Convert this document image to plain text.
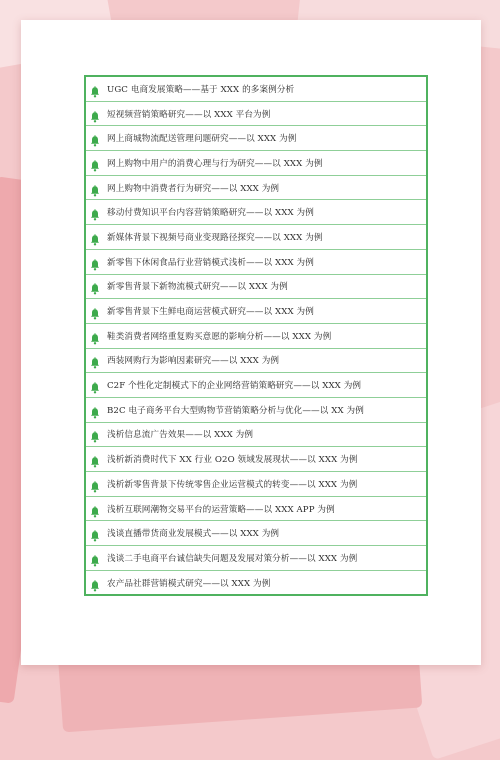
UGC 电商发展策略——基于 XXX 的多案例分析
短视频营销策略研究——以 XXX 平台为例
网上商城物流配送管理问题研究——以 XXX 为例
网上购物中用户的消费心理与行为研究——以 XXX 为例
网上购物中消费者行为研究——以 XXX 为例
移动付费知识平台内容营销策略研究——以 XXX 为例
新媒体背景下视频号商业变现路径探究——以 XXX 为例
新零售下休闲食品行业营销模式浅析——以 XXX 为例
新零售背景下新物流模式研究——以 XXX 为例
新零售背景下生鲜电商运营模式研究——以 XXX 为例
鞋类消费者网络重复购买意愿的影响分析——以 XXX 为例
西装网购行为影响因素研究——以 XXX 为例
C2F 个性化定制模式下的企业网络营销策略研究——以 XXX 为例
B2C 电子商务平台大型购物节营销策略分析与优化——以 XX 为例
浅析信息流广告效果——以 XXX 为例
浅析新消费时代下 XX 行业 O2O 领域发展现状——以 XXX 为例
浅析新零售背景下传统零售企业运营模式的转变——以 XXX 为例
浅析互联网潮物交易平台的运营策略——以 XXX APP 为例
浅谈直播带货商业发展模式——以 XXX 为例
浅谈二手电商平台诚信缺失问题及发展对策分析——以 XXX 为例
农产品社群营销模式研究——以 XXX 为例
